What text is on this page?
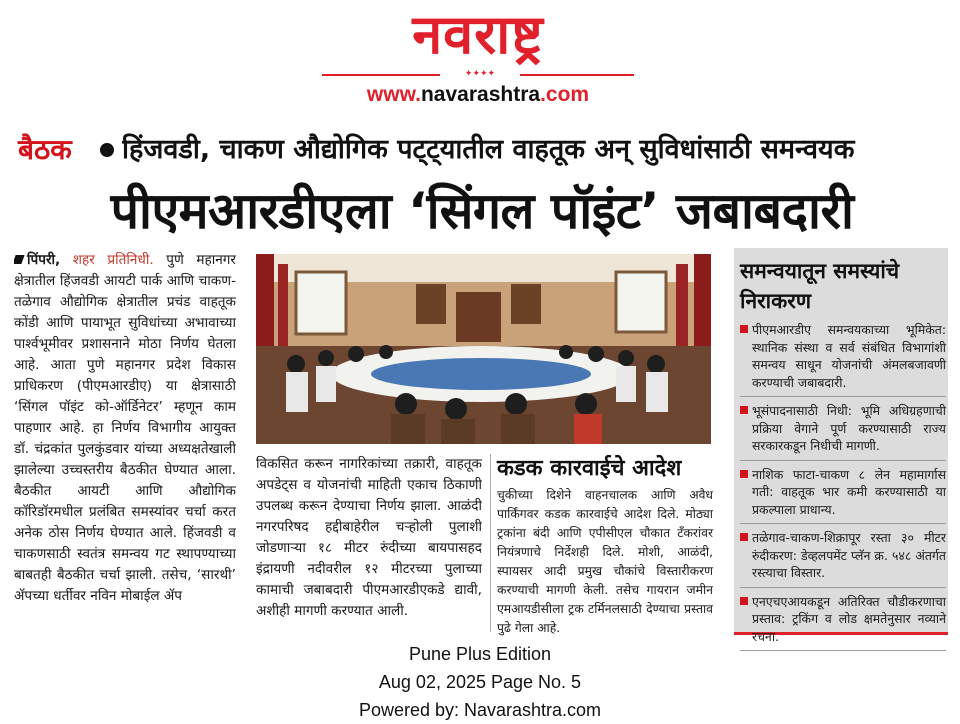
नवराष्ट्र
✦✦✦✦
www.navarashtra.com
बैठक हिंजवडी, चाकण औद्योगिक पट्ट्यातील वाहतूक अन् सुविधांसाठी समन्वयक
पीएमआरडीएला ‘सिंगल पॉइंट’ जबाबदारी
पिंपरी, शहर प्रतिनिधी. पुणे महानगर क्षेत्रातील हिंजवडी आयटी पार्क आणि चाकण-तळेगाव औद्योगिक क्षेत्रातील प्रचंड वाहतूक कोंडी आणि पायाभूत सुविधांच्या अभावाच्या पार्श्वभूमीवर प्रशासनाने मोठा निर्णय घेतला आहे. आता पुणे महानगर प्रदेश विकास प्राधिकरण (पीएमआरडीए) या क्षेत्रासाठी ‘सिंगल पॉइंट को-ऑर्डिनेटर’ म्हणून काम पाहणार आहे. हा निर्णय विभागीय आयुक्त डॉ. चंद्रकांत पुलकुंडवार यांच्या अध्यक्षतेखाली झालेल्या उच्चस्तरीय बैठकीत घेण्यात आला. बैठकीत आयटी आणि औद्योगिक कॉरिडॉरमधील प्रलंबित समस्यांवर चर्चा करत अनेक ठोस निर्णय घेण्यात आले. हिंजवडी व चाकणसाठी स्वतंत्र समन्वय गट स्थापण्याच्या बाबतही बैठकीत चर्चा झाली. तसेच, ‘सारथी’ ॲपच्या धर्तीवर नविन मोबाईल ॲप
विकसित करून नागरिकांच्या तक्रारी, वाहतूक अपडेट्स व योजनांची माहिती एकाच ठिकाणी उपलब्ध करून देण्याचा निर्णय झाला. आळंदी नगरपरिषद हद्दीबाहेरील चऱ्होली पुलाशी जोडणाऱ्या १८ मीटर रुंदीच्या बायपासहद इंद्रायणी नदीवरील १२ मीटरच्या पुलाच्या कामाची जबाबदारी पीएमआरडीएकडे द्यावी, अशीही मागणी करण्यात आली.
कडक कारवाईचे आदेश
चुकीच्या दिशेने वाहनचालक आणि अवैध पार्किंगवर कडक कारवाईचे आदेश दिले. मोठ्या ट्रकांना बंदी आणि एपीसीएल चौकात टँकरांवर नियंत्रणाचे निर्देशही दिले. मोशी, आळंदी, स्पायसर आदी प्रमुख चौकांचे विस्तारीकरण करण्याची मागणी केली. तसेच गायरान जमीन एमआयडीसीला ट्रक टर्मिनलसाठी देण्याचा प्रस्ताव पुढे गेला आहे.
समन्वयातून समस्यांचे निराकरण
पीएमआरडीए समन्वयकाच्या भूमिकेत: स्थानिक संस्था व सर्व संबंधित विभागांशी समन्वय साधून योजनांची अंमलबजावणी करण्याची जबाबदारी.
भूसंपादनासाठी निधी: भूमि अधिग्रहणाची प्रक्रिया वेगाने पूर्ण करण्यासाठी राज्य सरकारकडून निधीची मागणी.
नाशिक फाटा-चाकण ८ लेन महामार्गास गती: वाहतूक भार कमी करण्यासाठी या प्रकल्पाला प्राधान्य.
तळेगाव-चाकण-शिक्रापूर रस्ता ३० मीटर रुंदीकरण: डेव्हलपमेंट प्लॅन क्र. ५४८ अंतर्गत रस्त्याचा विस्तार.
एनएचएआयकडून अतिरिक्त चौडीकरणाचा प्रस्ताव: ट्रकिंग व लोड क्षमतेनुसार नव्याने रचना.
Pune Plus Edition
Aug 02, 2025 Page No. 5
Powered by: Navarashtra.com
